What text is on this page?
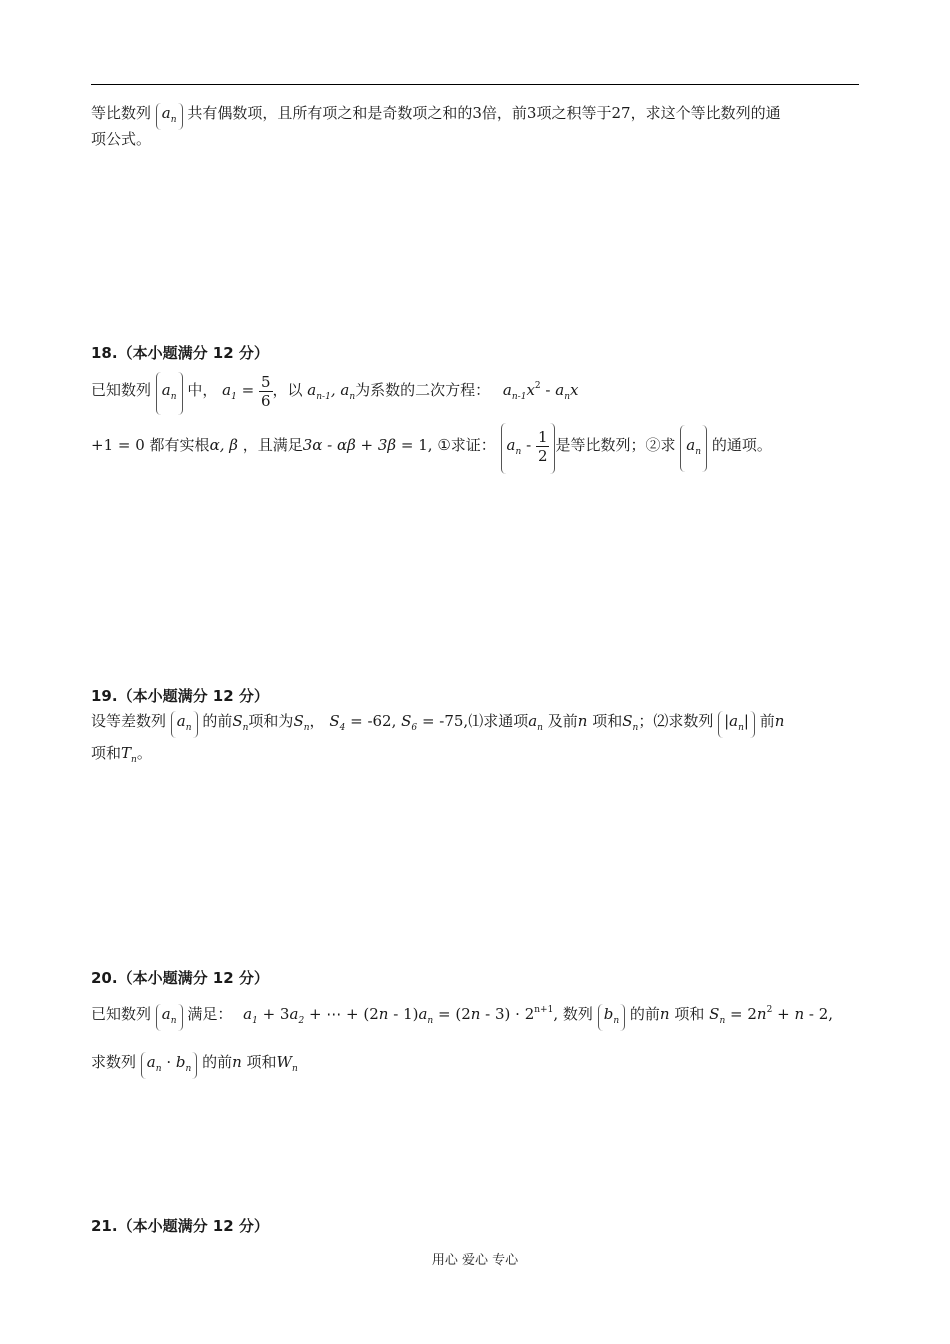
等比数列 $a_n$ 共有偶数项，且所有项之和是奇数项之和的3倍，前3项之积等于27，求这个等比数列的通
项公式。
18.（本小题满分 12 分）
已知数列 $a_n$ 中， $a_1 = \frac{5}{6}$ ，以 $a_{n-1}$, $a_n$为系数的二次方程： $a_{n-1}x^2 - a_nx$
+1 = 0 都有实根α, β ，且满足3α - αβ + 3β = 1, ①求证： $a_n - \frac{1}{2}$ 是等比数列；②求 $a_n$ 的通项。
19.（本小题满分 12 分）
设等差数列 $a_n$ 的前$S_n$项和为$S_n$， $S_4 = -62$, $S_6$ = -75,⑴求通项$a_n$ 及前n 项和$S_n$；⑵求数列 $|a_n|$ 前n
项和$T_n$。
20.（本小题满分 12 分）
已知数列 $a_n$ 满足： $a_1 + 3a_2$ + ⋯ + $(2n - 1)a_n = (2n - 3) \cdot 2^{n+1}$, 数列 $b_n$ 的前n 项和 $S_n = 2n^2 + n - 2$,
求数列 $a_n \cdot b_n$ 的前n 项和$W_n$
21.（本小题满分 12 分）
用心 爱心 专心
